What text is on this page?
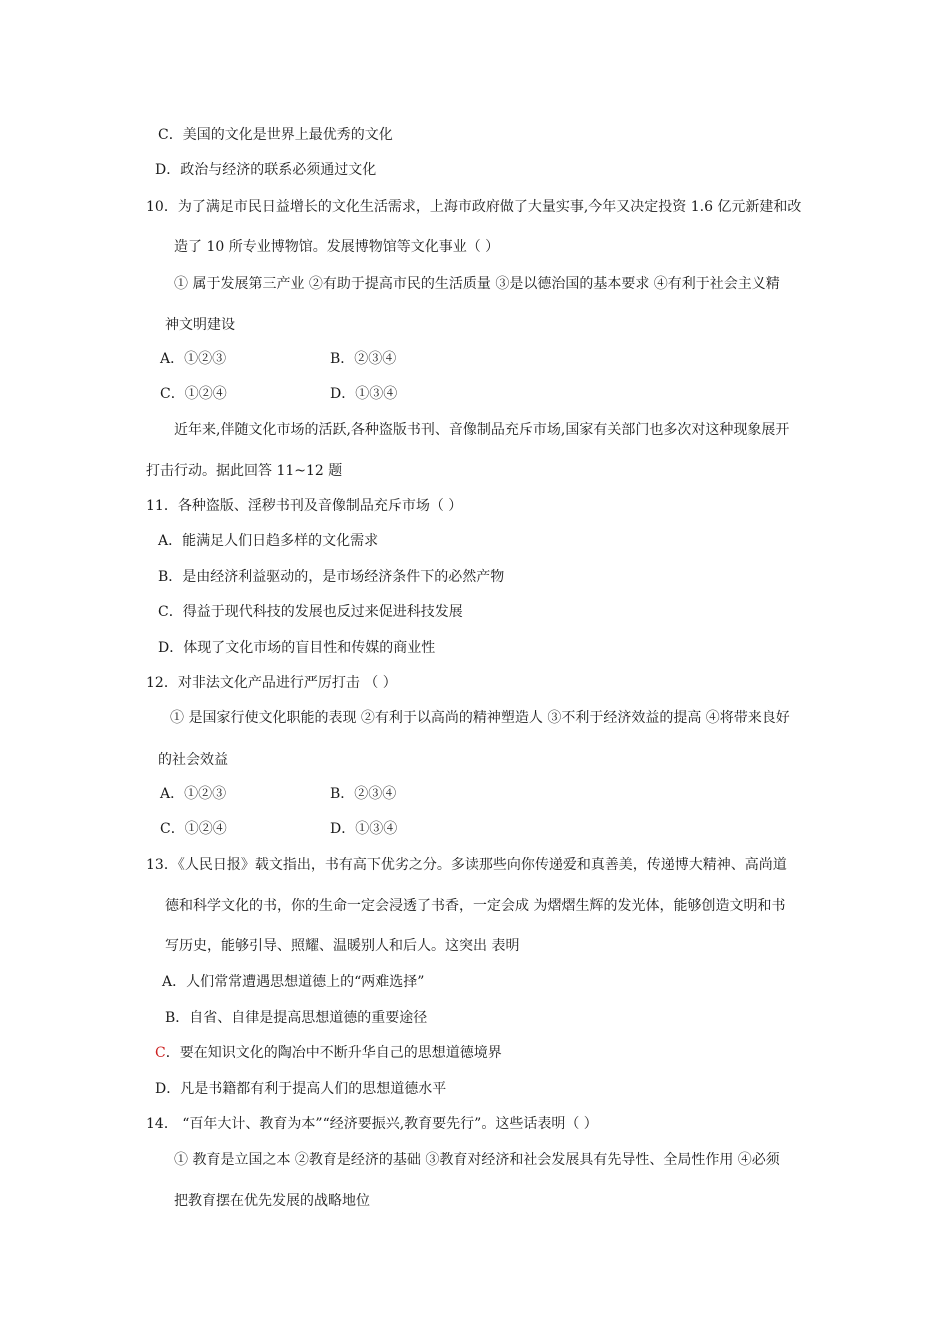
C．美国的文化是世界上最优秀的文化
D．政治与经济的联系必须通过文化
10．为了满足市民日益增长的文化生活需求，上海市政府做了大量实事,今年又决定投资 1.6 亿元新建和改
造了 10 所专业博物馆。发展博物馆等文化事业（ ）
① 属于发展第三产业 ②有助于提高市民的生活质量 ③是以德治国的基本要求 ④有利于社会主义精
神文明建设
A．①②③	B．②③④
C．①②④	D．①③④
近年来,伴随文化市场的活跃,各种盗版书刊、音像制品充斥市场,国家有关部门也多次对这种现象展开
打击行动。据此回答 11~12 题
11．各种盗版、淫秽书刊及音像制品充斥市场（ ）
A．能满足人们日趋多样的文化需求
B．是由经济利益驱动的，是市场经济条件下的必然产物
C．得益于现代科技的发展也反过来促进科技发展
D．体现了文化市场的盲目性和传媒的商业性
12．对非法文化产品进行严厉打击 （ ）
① 是国家行使文化职能的表现 ②有利于以高尚的精神塑造人 ③不利于经济效益的提高 ④将带来良好
的社会效益
A．①②③	B．②③④
C．①②④	D．①③④
13．《人民日报》载文指出，书有高下优劣之分。多读那些向你传递爱和真善美，传递博大精神、高尚道
德和科学文化的书，你的生命一定会浸透了书香，一定会成 为熠熠生辉的发光体，能够创造文明和书
写历史，能够引导、照耀、温暖别人和后人。这突出 表明
A．人们常常遭遇思想道德上的“两难选择”
B．自省、自律是提高思想道德的重要途径
C．要在知识文化的陶冶中不断升华自己的思想道德境界
D．凡是书籍都有利于提高人们的思想道德水平
14． “百年大计、教育为本”“经济要振兴,教育要先行”。这些话表明（ ）
① 教育是立国之本 ②教育是经济的基础 ③教育对经济和社会发展具有先导性、全局性作用 ④必须
把教育摆在优先发展的战略地位
